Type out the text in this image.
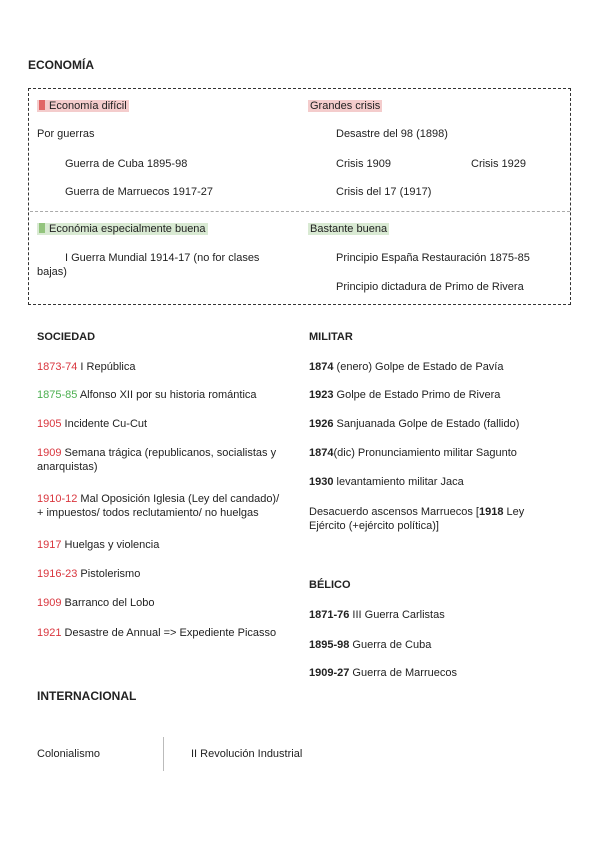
ECONOMÍA
Economía difícil
Por guerras
Guerra de Cuba 1895-98
Guerra de Marruecos 1917-27
Grandes crisis
Desastre del 98 (1898)
Crisis 1909	Crisis 1929
Crisis del 17 (1917)
Económia especialmente buena
I Guerra Mundial 1914-17 (no for clases bajas)
Bastante buena
Principio España Restauración 1875-85
Principio dictadura de Primo de Rivera
SOCIEDAD
1873-74 I República
1875-85 Alfonso XII por su historia romántica
1905 Incidente Cu-Cut
1909 Semana trágica (republicanos, socialistas y anarquistas)
1910-12 Mal Oposición Iglesia (Ley del candado)/ + impuestos/ todos reclutamiento/ no huelgas
1917 Huelgas y violencia
1916-23 Pistolerismo
1909 Barranco del Lobo
1921 Desastre de Annual => Expediente Picasso
MILITAR
1874 (enero) Golpe de Estado de Pavía
1923 Golpe de Estado Primo de Rivera
1926 Sanjuanada Golpe de Estado (fallido)
1874(dic) Pronunciamiento militar Sagunto
1930 levantamiento militar Jaca
Desacuerdo ascensos Marruecos [1918 Ley Ejército (+ejército política)]
BÉLICO
1871-76 III Guerra Carlistas
1895-98 Guerra de Cuba
1909-27 Guerra de Marruecos
INTERNACIONAL
Colonialismo	II Revolución Industrial
